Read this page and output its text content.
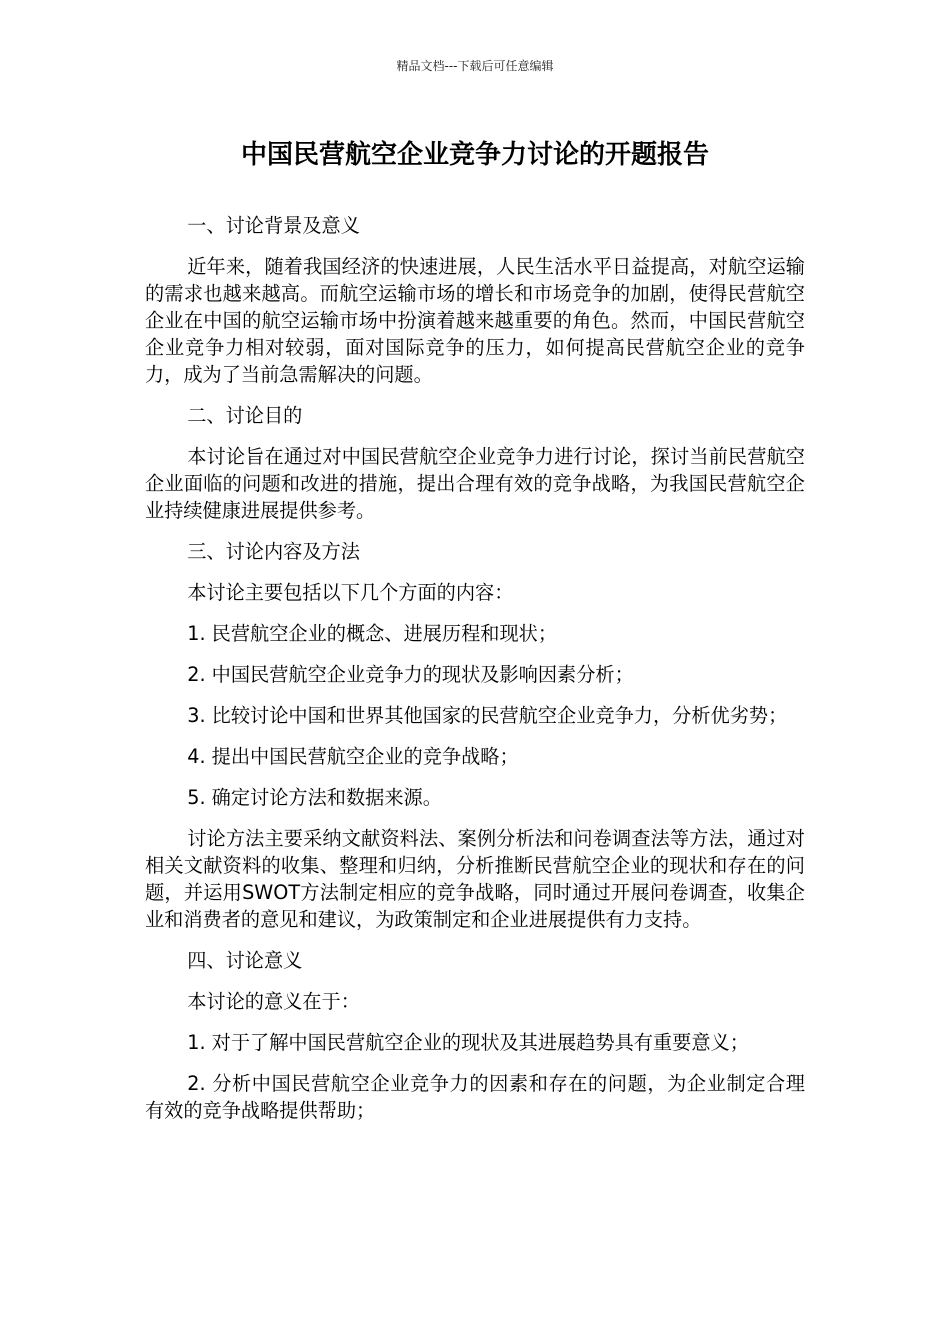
精品文档---下载后可任意编辑
中国民营航空企业竞争力讨论的开题报告

一、讨论背景及意义

近年来，随着我国经济的快速进展，人民生活水平日益提高，对航空运输的需求也越来越高。而航空运输市场的增长和市场竞争的加剧，使得民营航空企业在中国的航空运输市场中扮演着越来越重要的角色。然而，中国民营航空企业竞争力相对较弱，面对国际竞争的压力，如何提高民营航空企业的竞争力，成为了当前急需解决的问题。

二、讨论目的

本讨论旨在通过对中国民营航空企业竞争力进行讨论，探讨当前民营航空企业面临的问题和改进的措施，提出合理有效的竞争战略，为我国民营航空企业持续健康进展提供参考。

三、讨论内容及方法

本讨论主要包括以下几个方面的内容：

1. 民营航空企业的概念、进展历程和现状；

2. 中国民营航空企业竞争力的现状及影响因素分析；

3. 比较讨论中国和世界其他国家的民营航空企业竞争力，分析优劣势；

4. 提出中国民营航空企业的竞争战略；

5. 确定讨论方法和数据来源。

讨论方法主要采纳文献资料法、案例分析法和问卷调查法等方法，通过对相关文献资料的收集、整理和归纳，分析推断民营航空企业的现状和存在的问题，并运用SWOT方法制定相应的竞争战略，同时通过开展问卷调查，收集企业和消费者的意见和建议，为政策制定和企业进展提供有力支持。

四、讨论意义

本讨论的意义在于：

1. 对于了解中国民营航空企业的现状及其进展趋势具有重要意义；

2. 分析中国民营航空企业竞争力的因素和存在的问题，为企业制定合理有效的竞争战略提供帮助；
